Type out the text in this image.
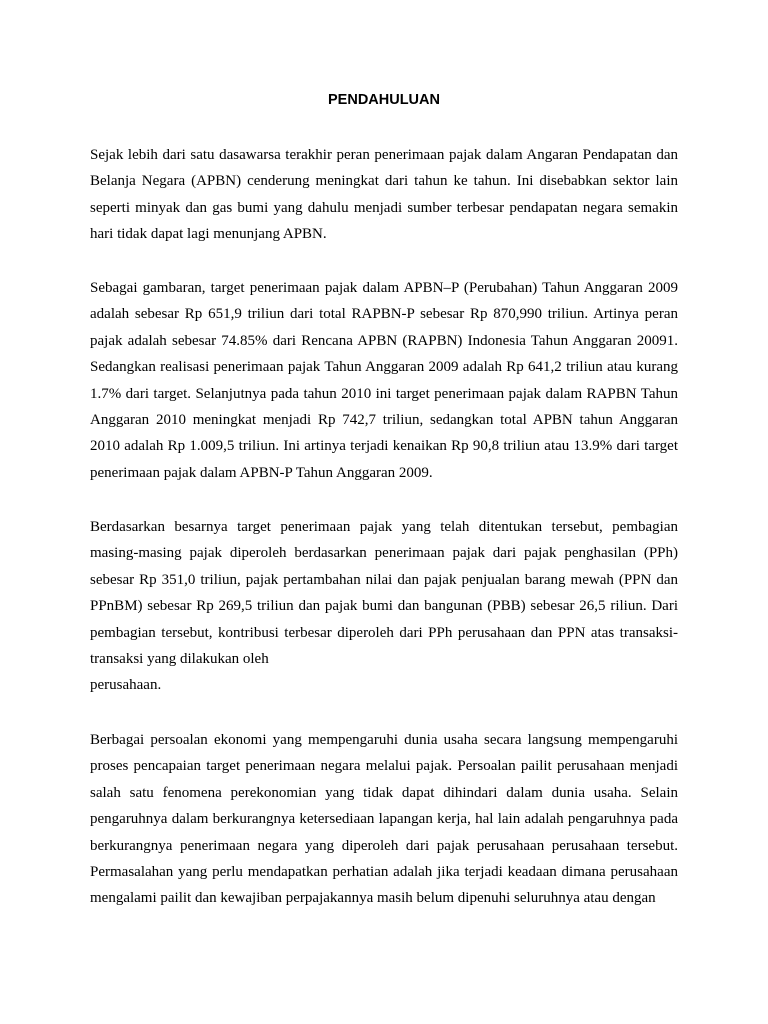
PENDAHULUAN

Sejak lebih dari satu dasawarsa terakhir peran penerimaan pajak dalam Angaran Pendapatan dan Belanja Negara (APBN) cenderung meningkat dari tahun ke tahun. Ini disebabkan sektor lain seperti minyak dan gas bumi yang dahulu menjadi sumber terbesar pendapatan negara semakin hari tidak dapat lagi menunjang APBN.

Sebagai gambaran, target penerimaan pajak dalam APBN–P (Perubahan) Tahun Anggaran 2009 adalah sebesar Rp 651,9 triliun dari total RAPBN-P sebesar Rp 870,990 triliun. Artinya peran pajak adalah sebesar 74.85% dari Rencana APBN (RAPBN) Indonesia Tahun Anggaran 20091. Sedangkan realisasi penerimaan pajak Tahun Anggaran 2009 adalah Rp 641,2 triliun atau kurang 1.7% dari target. Selanjutnya pada tahun 2010 ini target penerimaan pajak dalam RAPBN Tahun Anggaran 2010 meningkat menjadi Rp 742,7 triliun, sedangkan total APBN tahun Anggaran 2010 adalah Rp 1.009,5 triliun. Ini artinya terjadi kenaikan Rp 90,8 triliun atau 13.9% dari target penerimaan pajak dalam APBN-P Tahun Anggaran 2009.

Berdasarkan besarnya target penerimaan pajak yang telah ditentukan tersebut, pembagian masing-masing pajak diperoleh berdasarkan penerimaan pajak dari pajak penghasilan (PPh) sebesar Rp 351,0 triliun, pajak pertambahan nilai dan pajak penjualan barang mewah (PPN dan PPnBM) sebesar Rp 269,5 triliun dan pajak bumi dan bangunan (PBB) sebesar 26,5 riliun. Dari pembagian tersebut, kontribusi terbesar diperoleh dari PPh perusahaan dan PPN atas transaksi-transaksi yang dilakukan oleh

perusahaan.

Berbagai persoalan ekonomi yang mempengaruhi dunia usaha secara langsung mempengaruhi proses pencapaian target penerimaan negara melalui pajak. Persoalan pailit perusahaan menjadi salah satu fenomena perekonomian yang tidak dapat dihindari dalam dunia usaha. Selain pengaruhnya dalam berkurangnya ketersediaan lapangan kerja, hal lain adalah pengaruhnya pada berkurangnya penerimaan negara yang diperoleh dari pajak perusahaan perusahaan tersebut. Permasalahan yang perlu mendapatkan perhatian adalah jika terjadi keadaan dimana perusahaan mengalami pailit dan kewajiban perpajakannya masih belum dipenuhi seluruhnya atau dengan
